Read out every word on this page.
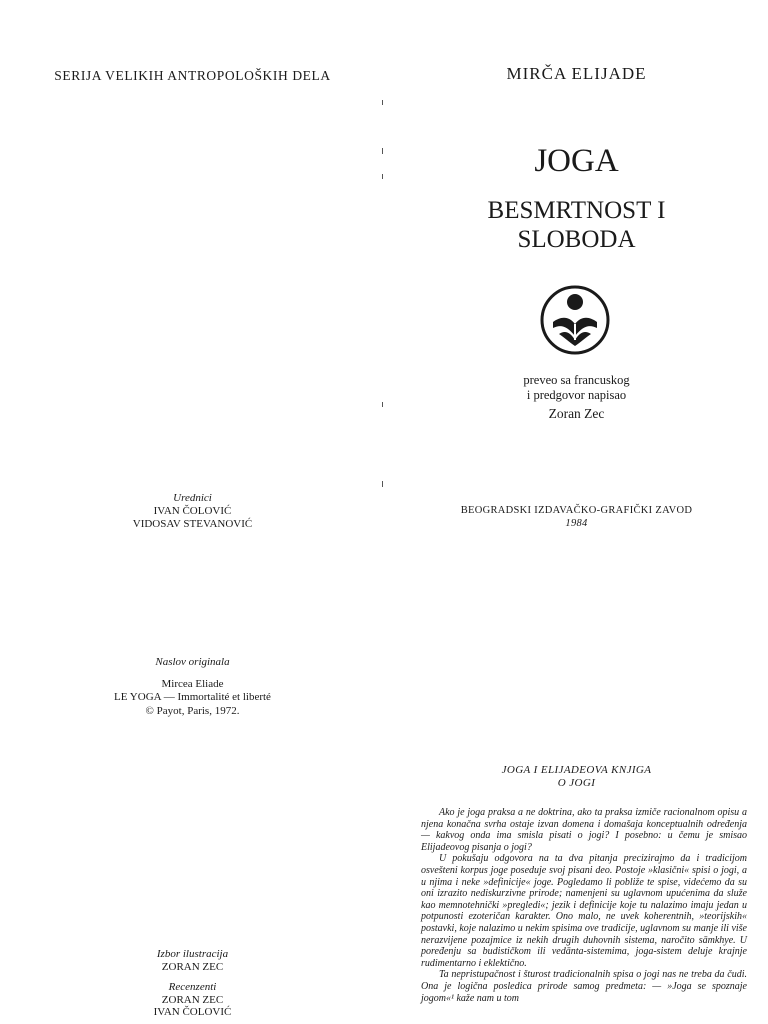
SERIJA VELIKIH ANTROPOLOŠKIH DELA
Urednici
IVAN ČOLOVIĆ
VIDOSAV STEVANOVIĆ
Naslov originala
Mircea Eliade
LE YOGA — Immortalité et liberté
© Payot, Paris, 1972.
Izbor ilustracija
ZORAN ZEC
Recenzenti
ZORAN ZEC
IVAN ČOLOVIĆ
MIRČA ELIJADE
JOGA
BESMRTNOST I
SLOBODA
preveo sa francuskog
i predgovor napisao
Zoran Zec
BEOGRADSKI IZDAVAČKO-GRAFIČKI ZAVOD
1984
JOGA I ELIJADEOVA KNJIGA
O JOGI

Ako je joga praksa a ne doktrina, ako ta praksa izmiče racionalnom opisu a njena konačna svrha ostaje izvan domena i domašaja konceptualnih određenja — kakvog onda ima smisla pisati o jogi? I posebno: u čemu je smisao Elijadeovog pisanja o jogi?

U pokušaju odgovora na ta dva pitanja precizirajmo da i tradicijom osvešteni korpus joge poseduje svoj pisani deo. Postoje »klasični« spisi o jogi, a u njima i neke »definicije« joge. Pogledamo li pobliže te spise, videćemo da su oni izrazito nediskurzivne prirode; namenjeni su uglavnom upućenima da služe kao memnotehnički »pregledi«; jezik i definicije koje tu nalazimo imaju jedan u potpunosti ezoteričan karakter. Ono malo, ne uvek koherentnih, »teorijskih« postavki, koje nalazimo u nekim spisima ove tradicije, uglavnom su manje ili više nerazvijene pozajmice iz nekih drugih duhovnih sistema, naročito sāmkhye. U poređenju sa budističkom ili vedānta-sistemima, joga-sistem deluje krajnje rudimentarno i eklektično.

Ta nepristupačnost i šturost tradicionalnih spisa o jogi nas ne treba da čudi. Ona je logična posledica prirode samog predmeta: — »Joga se spoznaje jogom«¹ kaže nam u tom
